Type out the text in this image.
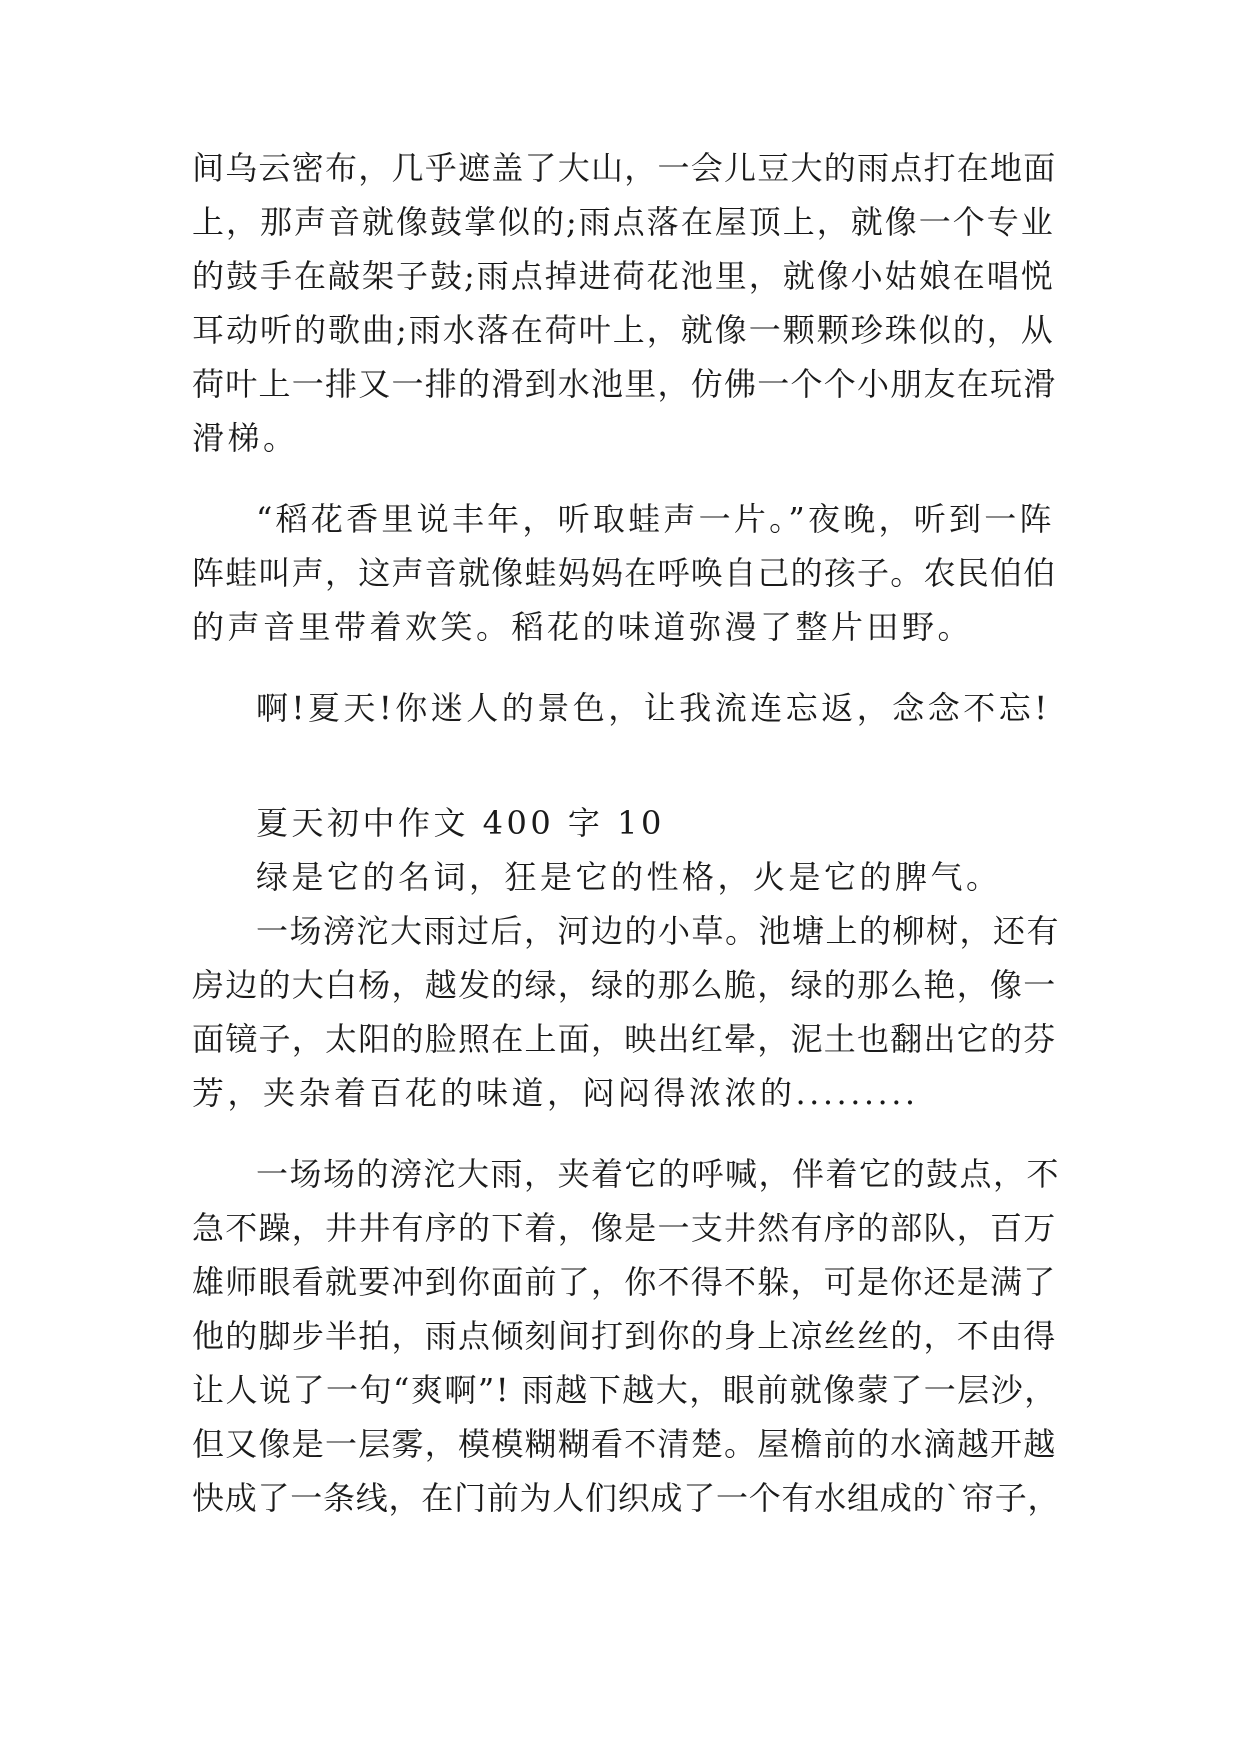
间乌云密布，几乎遮盖了大山，一会儿豆大的雨点打在地面
上，那声音就像鼓掌似的;雨点落在屋顶上，就像一个专业
的鼓手在敲架子鼓;雨点掉进荷花池里，就像小姑娘在唱悦
耳动听的歌曲;雨水落在荷叶上，就像一颗颗珍珠似的，从
荷叶上一排又一排的滑到水池里，仿佛一个个小朋友在玩滑
滑梯。
“稻花香里说丰年，听取蛙声一片。”夜晚，听到一阵
阵蛙叫声，这声音就像蛙妈妈在呼唤自己的孩子。农民伯伯
的声音里带着欢笑。稻花的味道弥漫了整片田野。
啊!夏天!你迷人的景色，让我流连忘返，念念不忘!
夏天初中作文 400 字 10
绿是它的名词，狂是它的性格，火是它的脾气。
一场滂沱大雨过后，河边的小草。池塘上的柳树，还有
房边的大白杨，越发的绿，绿的那么脆，绿的那么艳，像一
面镜子，太阳的脸照在上面，映出红晕，泥土也翻出它的芬
芳，夹杂着百花的味道，闷闷得浓浓的.........
一场场的滂沱大雨，夹着它的呼喊，伴着它的鼓点，不
急不躁，井井有序的下着，像是一支井然有序的部队，百万
雄师眼看就要冲到你面前了，你不得不躲，可是你还是满了
他的脚步半拍，雨点倾刻间打到你的身上凉丝丝的，不由得
让人说了一句“爽啊”! 雨越下越大，眼前就像蒙了一层沙，
但又像是一层雾，模模糊糊看不清楚。屋檐前的水滴越开越
快成了一条线，在门前为人们织成了一个有水组成的`帘子，
